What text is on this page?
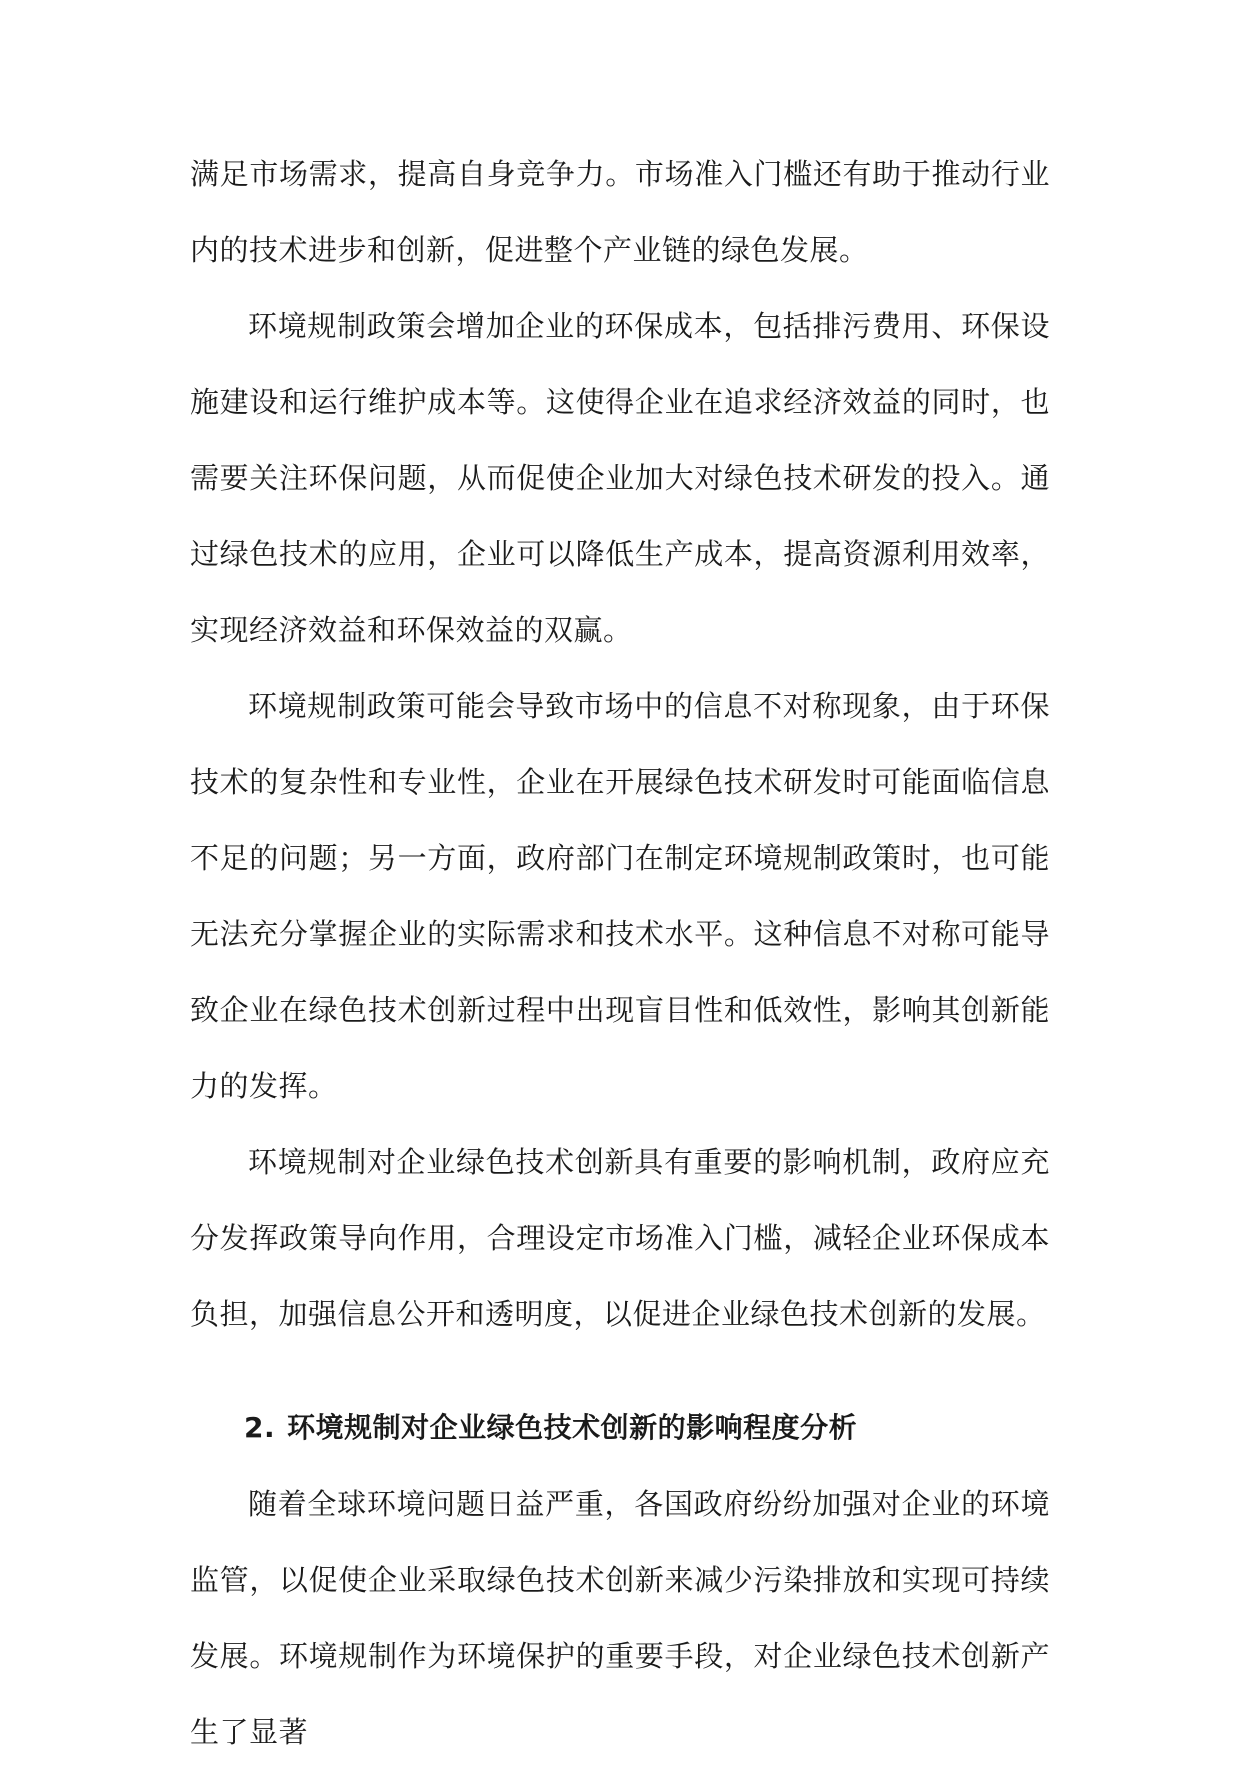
满足市场需求，提高自身竞争力。市场准入门槛还有助于推动行业内的技术进步和创新，促进整个产业链的绿色发展。

环境规制政策会增加企业的环保成本，包括排污费用、环保设施建设和运行维护成本等。这使得企业在追求经济效益的同时，也需要关注环保问题，从而促使企业加大对绿色技术研发的投入。通过绿色技术的应用，企业可以降低生产成本，提高资源利用效率，实现经济效益和环保效益的双赢。

环境规制政策可能会导致市场中的信息不对称现象，由于环保技术的复杂性和专业性，企业在开展绿色技术研发时可能面临信息不足的问题；另一方面，政府部门在制定环境规制政策时，也可能无法充分掌握企业的实际需求和技术水平。这种信息不对称可能导致企业在绿色技术创新过程中出现盲目性和低效性，影响其创新能力的发挥。

环境规制对企业绿色技术创新具有重要的影响机制，政府应充分发挥政策导向作用，合理设定市场准入门槛，减轻企业环保成本负担，加强信息公开和透明度，以促进企业绿色技术创新的发展。

2. 环境规制对企业绿色技术创新的影响程度分析

随着全球环境问题日益严重，各国政府纷纷加强对企业的环境监管，以促使企业采取绿色技术创新来减少污染排放和实现可持续发展。环境规制作为环境保护的重要手段，对企业绿色技术创新产生了显著
